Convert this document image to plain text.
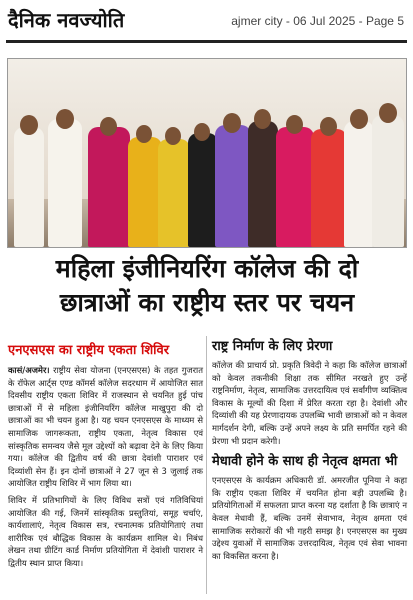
दैनिक नवज्योति	ajmer city - 06 Jul 2025 - Page 5
महिला इंजीनियरिंग कॉलेज की दो
छात्राओं का राष्ट्रीय स्तर पर चयन
एनएसएस का राष्ट्रीय एकता शिविर

कासं/अजमेर। राष्ट्रीय सेवा योजना (एनएसएस) के तहत गुजरात के रॉफेल आर्ट्स एण्ड कॉमर्स कॉलेज सदरधाम में आयोजित सात दिवसीय राष्ट्रीय एकता शिविर में राजस्थान से चयनित हुई पांच छात्राओं में से महिला इंजीनियरिंग कॉलेज माखुपुरा की दो छात्राओं का भी चयन हुआ है। यह चयन एनएसएस के माध्यम से सामाजिक जागरूकता, राष्ट्रीय एकता, नेतृत्व विकास एवं सांस्कृतिक समन्वय जैसे मूल उद्देश्यों को बढ़ावा देने के लिए किया गया। कॉलेज की द्वितीय वर्ष की छात्रा देवांशी पाराशर एवं दिव्यांशी सेन हैं। इन दोनों छात्राओं ने 27 जून से 3 जुलाई तक आयोजित राष्ट्रीय शिविर में भाग लिया था।

शिविर में प्रतिभागियों के लिए विविध सत्रों एवं गतिविधियां आयोजित की गई, जिनमें सांस्कृतिक प्रस्तुतियां, समूह चर्चाएं, कार्यशालाएं, नेतृत्व विकास सत्र, रचनात्मक प्रतियोगिताएं तथा शारीरिक एवं बौद्धिक विकास के कार्यक्रम शामिल थे। निबंध लेखन तथा ग्रीटिंग कार्ड निर्माण प्रतियोगिता में देवांशी पाराशर ने द्वितीय स्थान प्राप्त किया।

राष्ट्र निर्माण के लिए प्रेरणा

कॉलेज की प्राचार्य प्रो. प्रकृति त्रिवेदी ने कहा कि कॉलेज छात्राओं को केवल तकनीकी शिक्षा तक सीमित नरखते हुए उन्हें राष्ट्रनिर्माण, नेतृत्व, सामाजिक उत्तरदायित्व एवं सर्वांगीण व्यक्तित्व विकास के मूल्यों की दिशा में प्रेरित करता रहा है। देवांशी और दिव्यांशी की यह प्रेरणादायक उपलब्धि भावी छात्राओं को न केवल मार्गदर्शन देगी, बल्कि उन्हें अपने लक्ष्य के प्रति समर्पित रहने की प्रेरणा भी प्रदान करेगी।

मेधावी होने के साथ ही नेतृत्व क्षमता भी

एनएसएस के कार्यक्रम अधिकारी डॉ. अमरजीत पूनिया ने कहा कि राष्ट्रीय एकता शिविर में चयनित होना बड़ी उपलब्धि है। प्रतियोगिताओं में सफलता प्राप्त करना यह दर्शाता है कि छात्राएं न केवल मेधावी हैं, बल्कि उनमें सेवाभाव, नेतृत्व क्षमता एवं सामाजिक सरोकारों की भी गहरी समझ है। एनएसएस का मुख्य उद्देश्य युवाओं में सामाजिक उत्तरदायित्व, नेतृत्व एवं सेवा भावना का विकसित करना है।
